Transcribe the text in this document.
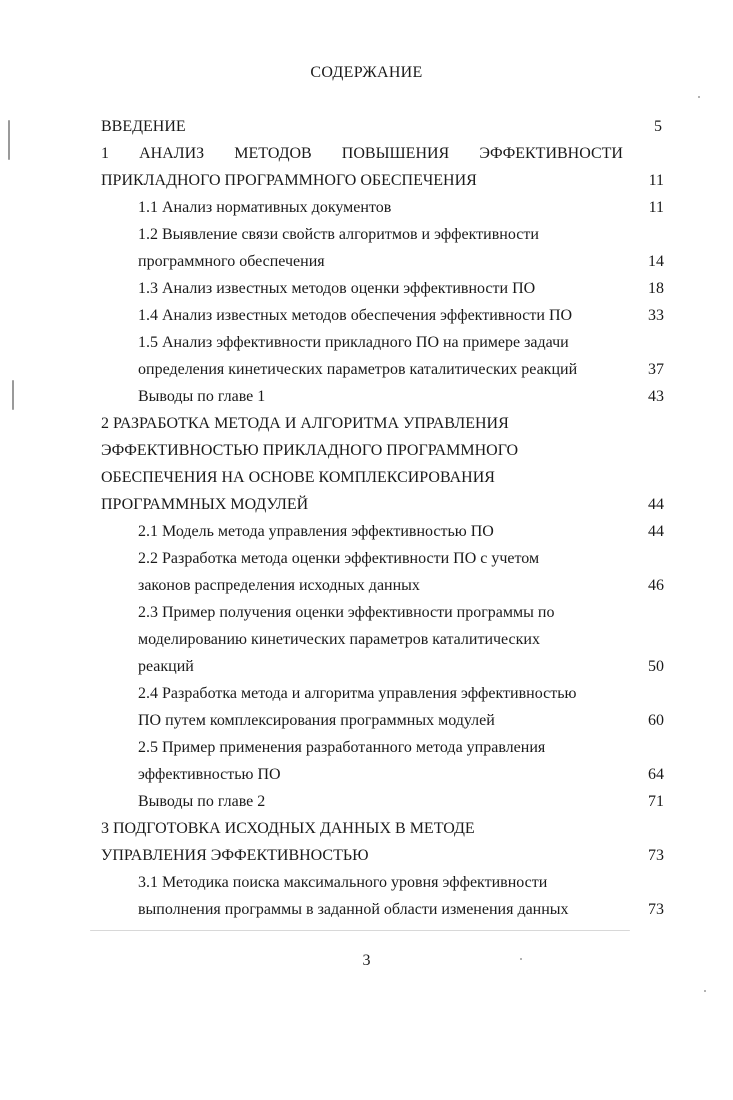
СОДЕРЖАНИЕ
ВВЕДЕНИЕ	5
1 АНАЛИЗ МЕТОДОВ ПОВЫШЕНИЯ ЭФФЕКТИВНОСТИ
ПРИКЛАДНОГО ПРОГРАММНОГО ОБЕСПЕЧЕНИЯ	11
1.1 Анализ нормативных документов	11
1.2 Выявление связи свойств алгоритмов и эффективности
программного обеспечения	14
1.3 Анализ известных методов оценки эффективности ПО	18
1.4 Анализ известных методов обеспечения эффективности ПО	33
1.5 Анализ эффективности прикладного ПО на примере задачи
определения кинетических параметров каталитических реакций	37
Выводы по главе 1	43
2 РАЗРАБОТКА МЕТОДА И АЛГОРИТМА УПРАВЛЕНИЯ
ЭФФЕКТИВНОСТЬЮ ПРИКЛАДНОГО ПРОГРАММНОГО
ОБЕСПЕЧЕНИЯ НА ОСНОВЕ КОМПЛЕКСИРОВАНИЯ
ПРОГРАММНЫХ МОДУЛЕЙ	44
2.1 Модель метода управления эффективностью ПО	44
2.2 Разработка метода оценки эффективности ПО с учетом
законов распределения исходных данных	46
2.3 Пример получения оценки эффективности программы по
моделированию кинетических параметров каталитических
реакций	50
2.4 Разработка метода и алгоритма управления эффективностью
ПО путем комплексирования программных модулей	60
2.5 Пример применения разработанного метода управления
эффективностью ПО	64
Выводы по главе 2	71
3 ПОДГОТОВКА ИСХОДНЫХ ДАННЫХ В МЕТОДЕ
УПРАВЛЕНИЯ ЭФФЕКТИВНОСТЬЮ	73
3.1 Методика поиска максимального уровня эффективности
выполнения программы в заданной области изменения данных	73
3
